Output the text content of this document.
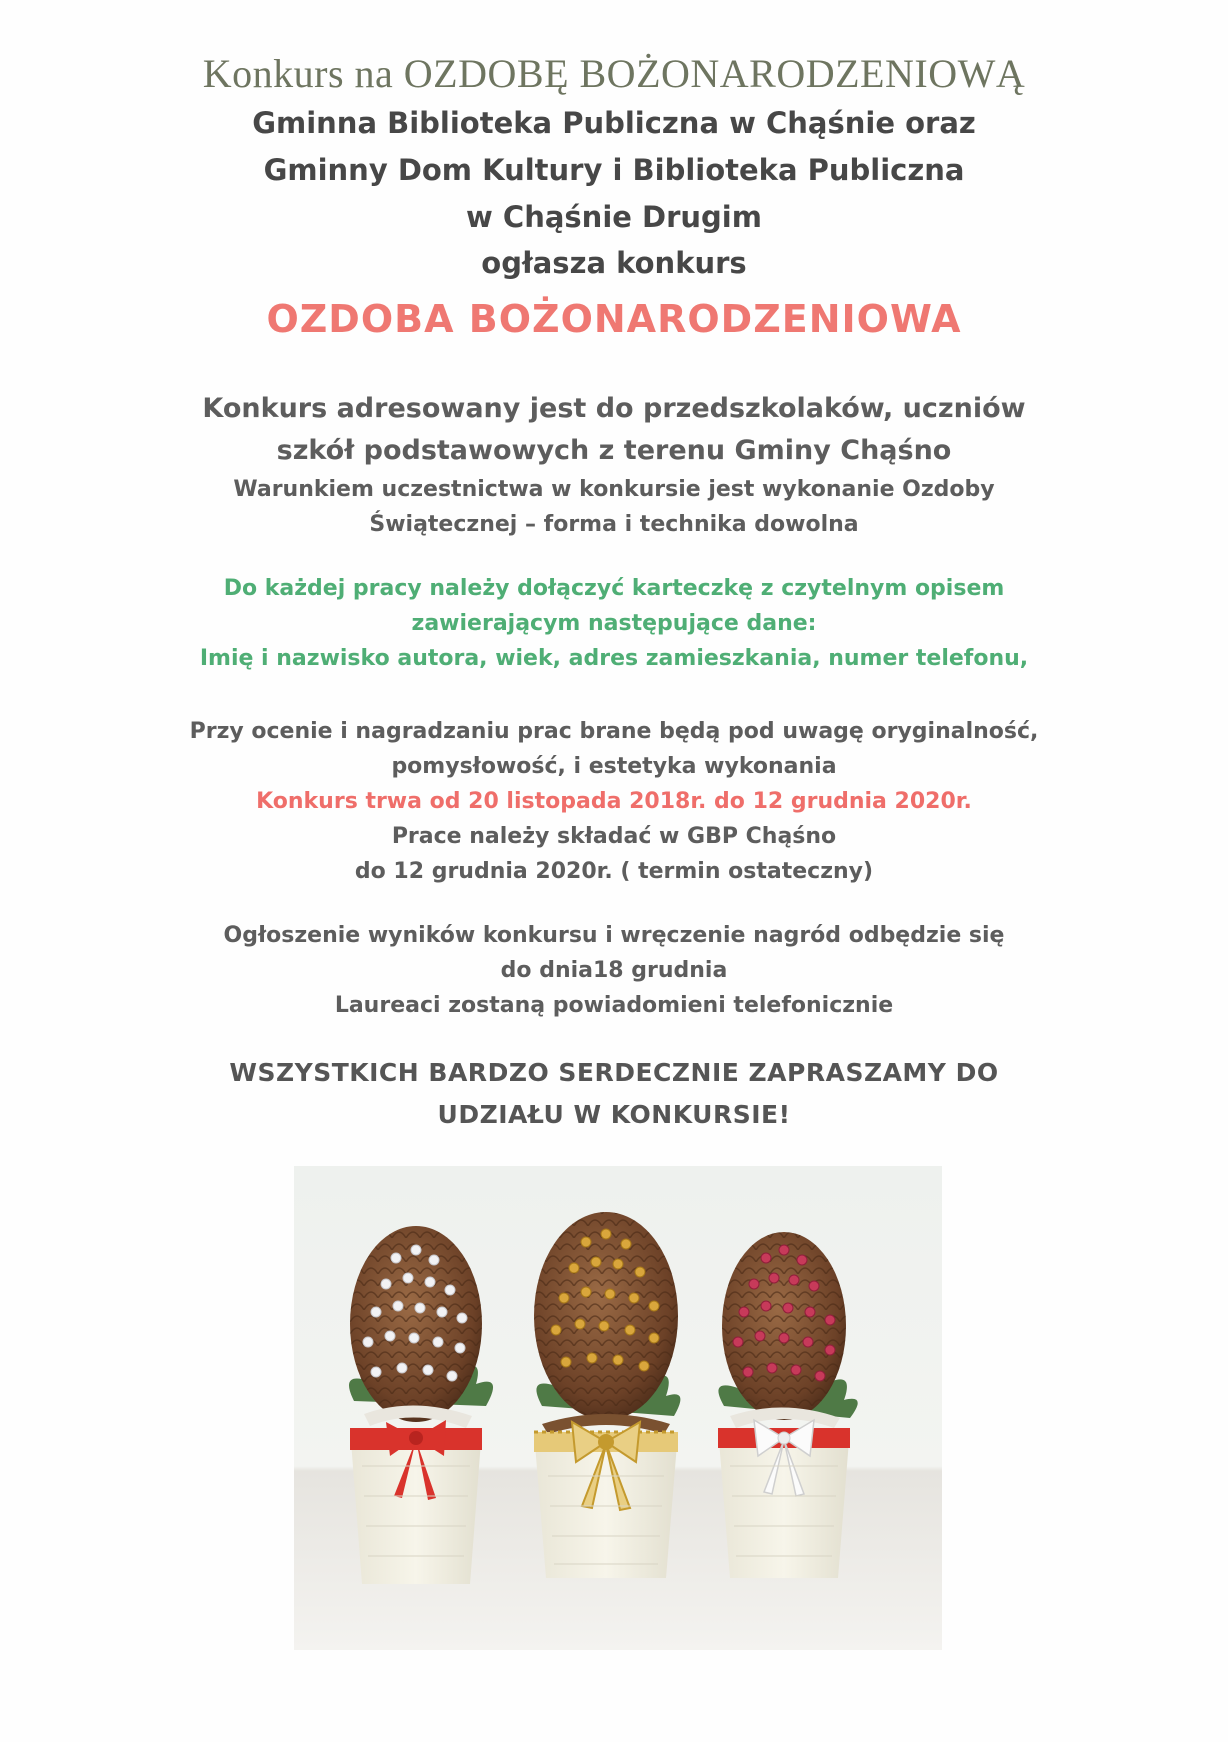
Konkurs na OZDOBĘ BOŻONARODZENIOWĄ
Gminna Biblioteka Publiczna w Chąśnie oraz
Gminny Dom Kultury i Biblioteka Publiczna
w Chąśnie Drugim
ogłasza konkurs
OZDOBA BOŻONARODZENIOWA
Konkurs adresowany jest do przedszkolaków, uczniów
szkół podstawowych z terenu Gminy Chąśno
Warunkiem uczestnictwa w konkursie jest wykonanie Ozdoby
Świątecznej – forma i technika dowolna
Do każdej pracy należy dołączyć karteczkę z czytelnym opisem
zawierającym następujące dane:
Imię i nazwisko autora, wiek, adres zamieszkania, numer telefonu,
Przy ocenie i nagradzaniu prac brane będą pod uwagę oryginalność,
pomysłowość, i estetyka wykonania
Konkurs trwa od 20 listopada 2018r. do 12 grudnia 2020r.
Prace należy składać w GBP Chąśno
do 12 grudnia 2020r. ( termin ostateczny)
Ogłoszenie wyników konkursu i wręczenie nagród odbędzie się
do dnia18 grudnia
Laureaci zostaną powiadomieni telefonicznie
WSZYSTKICH BARDZO SERDECZNIE ZAPRASZAMY DO
UDZIAŁU W KONKURSIE!
